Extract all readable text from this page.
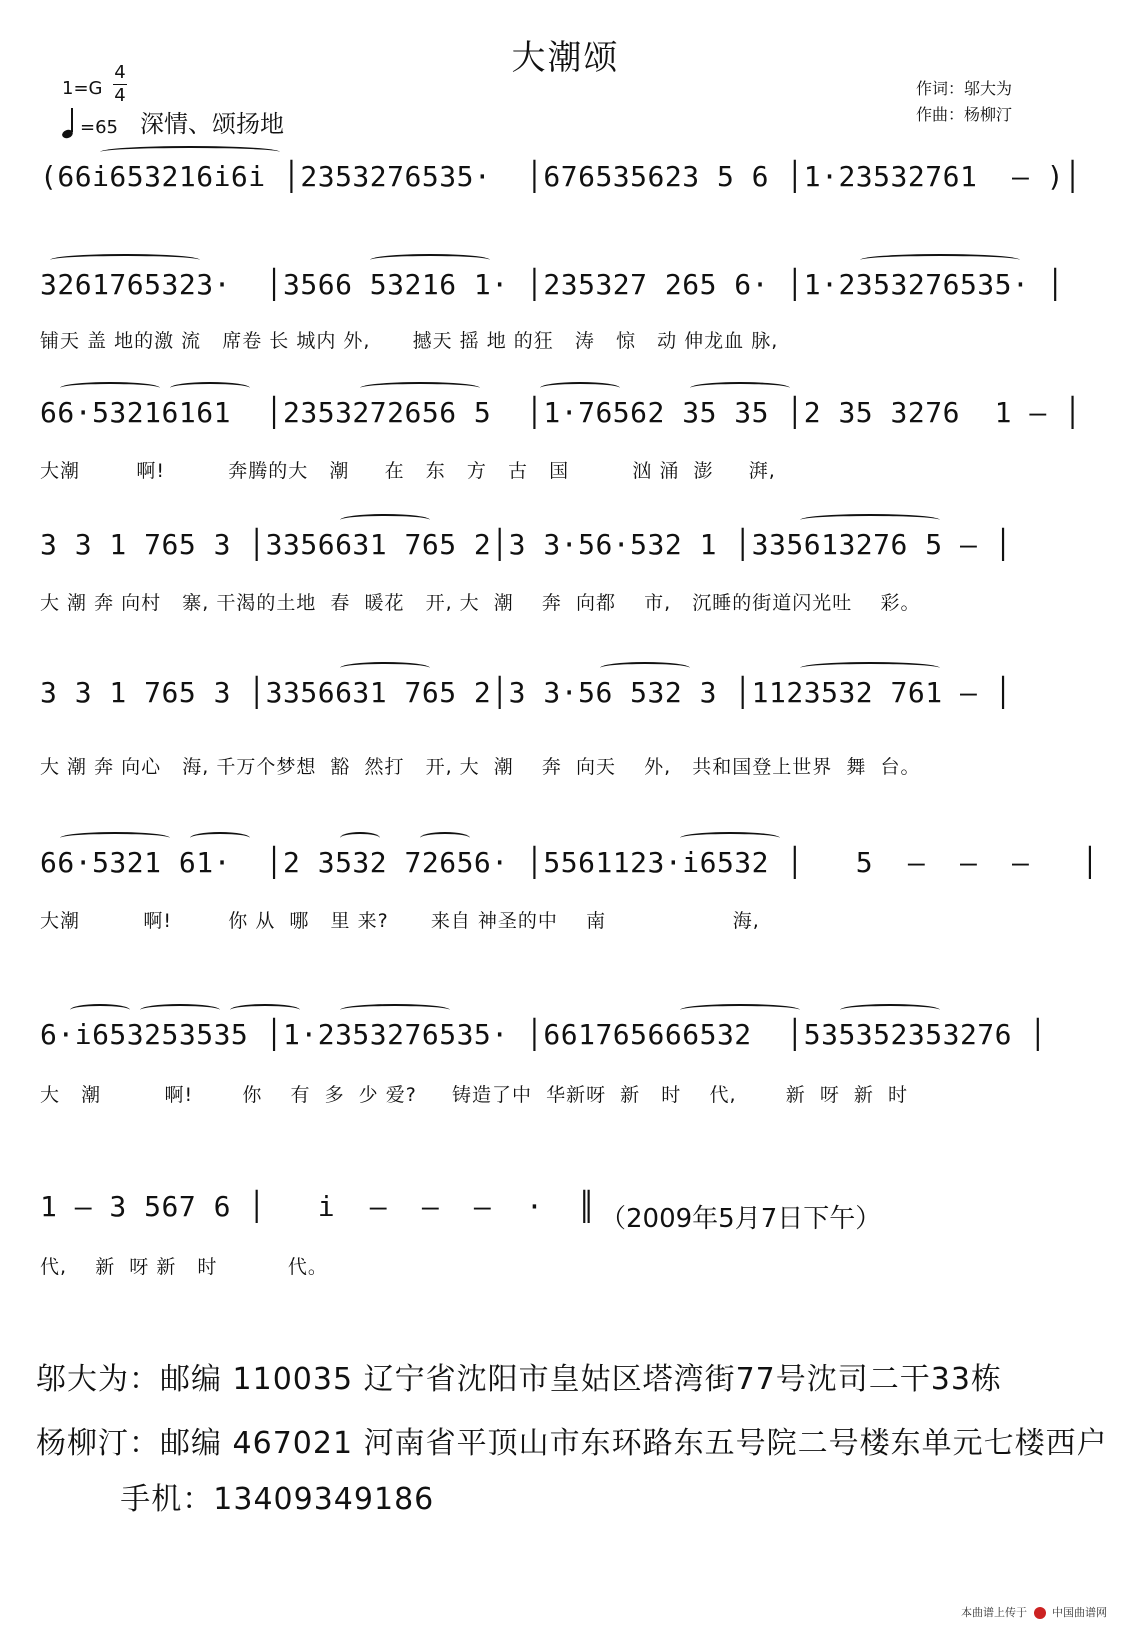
大潮颂
1=G
4
4
=65 深情、颂扬地
作词：邬大为
作曲：杨柳汀
(66i653216i6i │2353276535·  │676535623 5 6 │1·23532761  – )│
3261765323·  │3566 53216 1· │235327 265 6· │1·2353276535· │
铺天 盖 地的激 流   席卷 长 城内 外,      撼天 摇 地 的狂   涛   惊   动 伸龙血 脉,
66·53216161  │2353272656 5  │1·76562 35 35 │2 35 3276  1 – │
大潮        啊!         奔腾的大   潮     在   东   方   古   国         汹 涌  澎     湃,
3 3 1 765 3 │3356631 765 2│3 3·56·532 1 │335613276 5 – │
大 潮 奔 向村   寨, 干渴的土地  春  暖花   开, 大  潮    奔  向都    市,   沉睡的街道闪光吐    彩。
3 3 1 765 3 │3356631 765 2│3 3·56 532 3 │1123532 761 – │
大 潮 奔 向心   海, 千万个梦想  豁  然打   开, 大  潮    奔  向天    外,   共和国登上世界  舞  台。
66·5321 61·  │2 3532 72656· │5561123·i6532 │   5  –  –  –   │
大潮         啊!        你 从  哪   里 来?      来自 神圣的中    南                  海,
6·i653253535 │1·2353276535· │661765666532  │535352353276 │
大   潮         啊!       你    有  多  少 爱?     铸造了中  华新呀  新   时    代,       新  呀  新  时
1 – 3 567 6 │   i  –  –  –  ·  ║
代,    新  呀 新   时          代。
（2009年5月7日下午）
邬大为：邮编 110035 辽宁省沈阳市皇姑区塔湾街77号沈司二干33栋
杨柳汀：邮编 467021 河南省平顶山市东环路东五号院二号楼东单元七楼西户
手机：13409349186
本曲谱上传于 中国曲谱网
